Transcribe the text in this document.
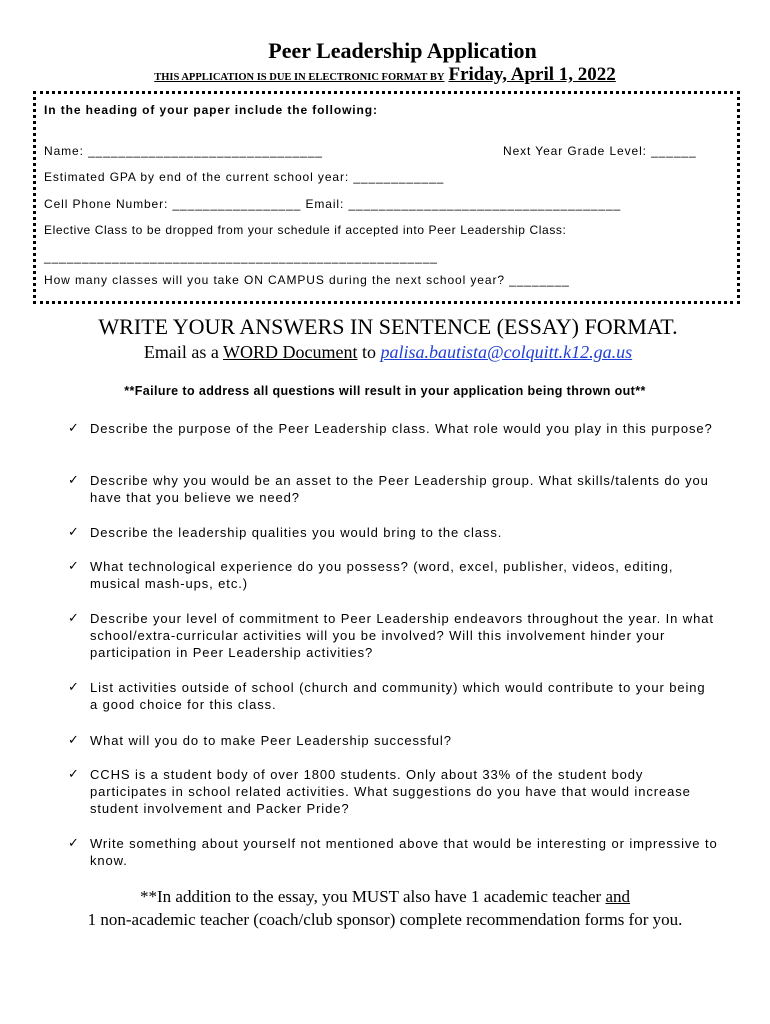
Peer Leadership Application
THIS APPLICATION IS DUE IN ELECTRONIC FORMAT BY Friday, April 1, 2022
In the heading of your paper include the following:
Name: _______________________________	Next Year Grade Level: ______
Estimated GPA by end of the current school year: ____________
Cell Phone Number: _________________ Email: ____________________________________
Elective Class to be dropped from your schedule if accepted into Peer Leadership Class:
____________________________________________________
How many classes will you take ON CAMPUS during the next school year? ________
WRITE YOUR ANSWERS IN SENTENCE (ESSAY) FORMAT.
Email as a WORD Document to palisa.bautista@colquitt.k12.ga.us
**Failure to address all questions will result in your application being thrown out**
✓ Describe the purpose of the Peer Leadership class. What role would you play in this purpose?
✓ Describe why you would be an asset to the Peer Leadership group. What skills/talents do you have that you believe we need?
✓ Describe the leadership qualities you would bring to the class.
✓ What technological experience do you possess? (word, excel, publisher, videos, editing, musical mash-ups, etc.)
✓ Describe your level of commitment to Peer Leadership endeavors throughout the year. In what school/extra-curricular activities will you be involved? Will this involvement hinder your participation in Peer Leadership activities?
✓ List activities outside of school (church and community) which would contribute to your being a good choice for this class.
✓ What will you do to make Peer Leadership successful?
✓ CCHS is a student body of over 1800 students. Only about 33% of the student body participates in school related activities. What suggestions do you have that would increase student involvement and Packer Pride?
✓ Write something about yourself not mentioned above that would be interesting or impressive to know.
**In addition to the essay, you MUST also have 1 academic teacher and
1 non-academic teacher (coach/club sponsor) complete recommendation forms for you.
